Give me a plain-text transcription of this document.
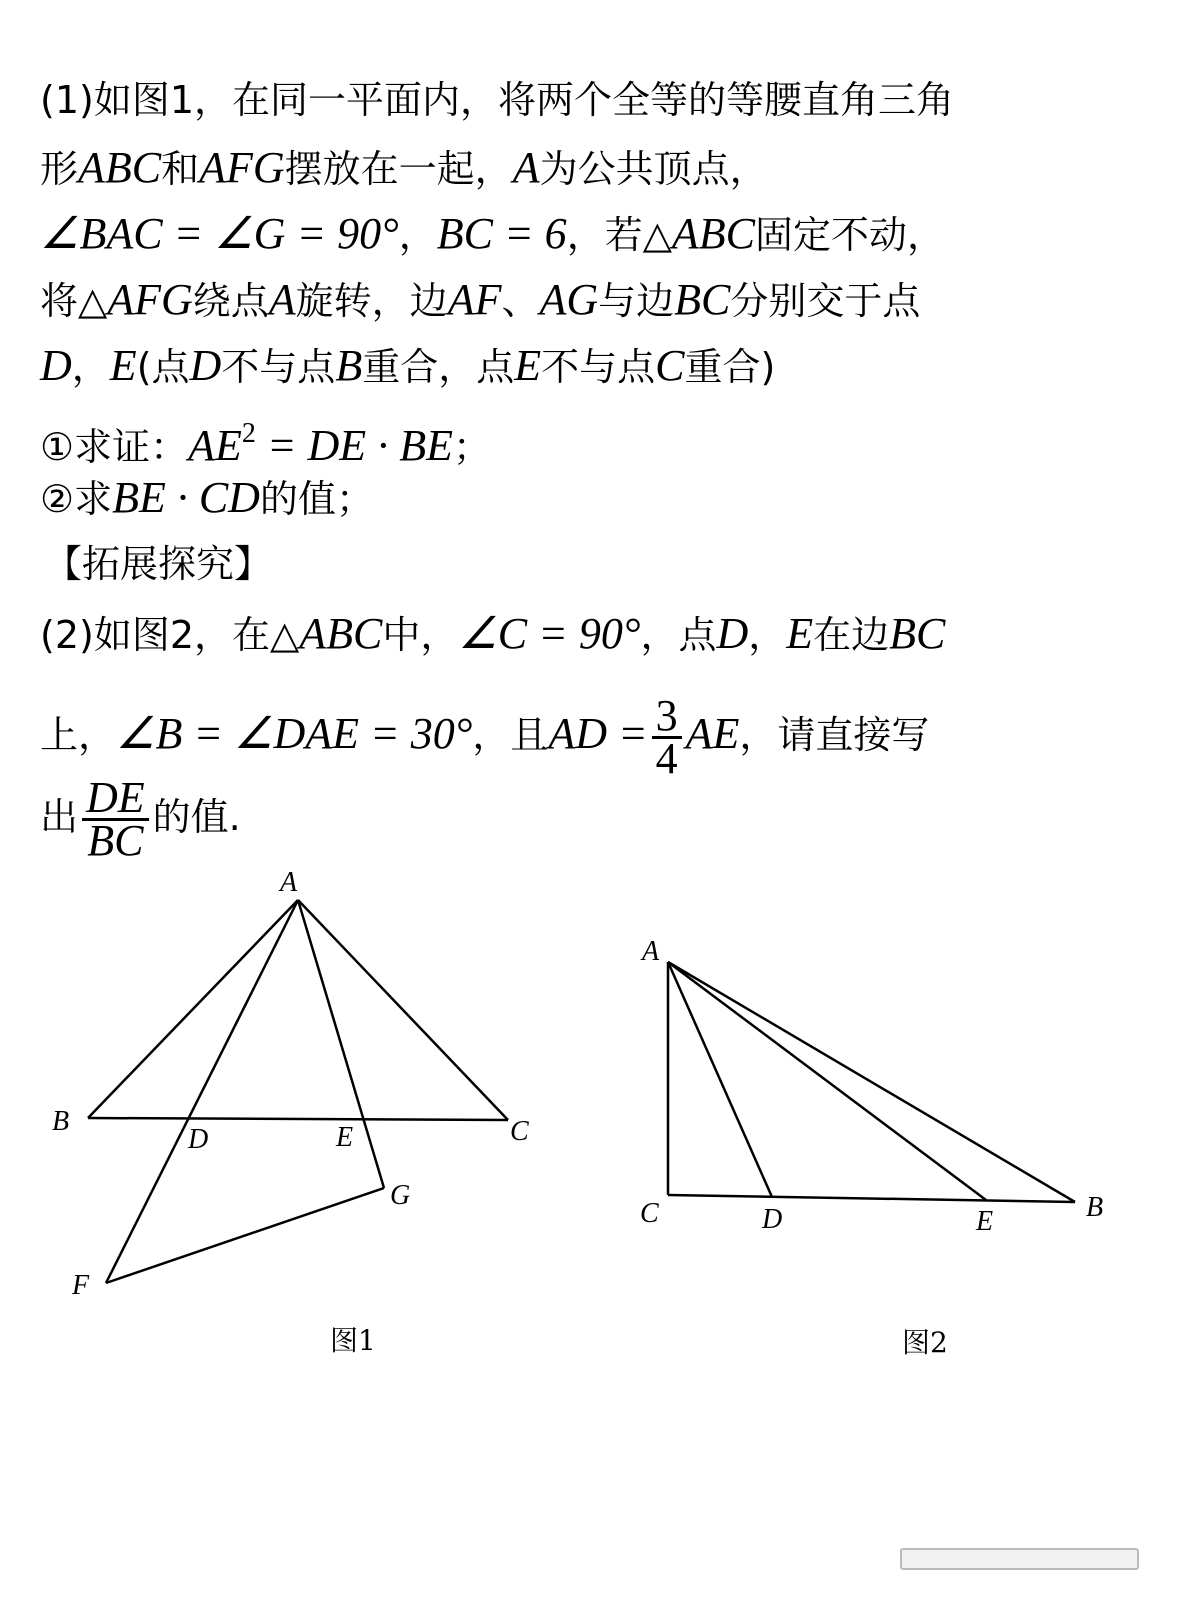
(1)如图1，在同一平面内，将两个全等的等腰直角三角
形ABC和AFG摆放在一起，A为公共顶点，
∠BAC = ∠G = 90°，BC = 6，若△ABC固定不动，
将△AFG绕点A旋转，边AF、AG与边BC分别交于点
D，E(点D不与点B重合，点E不与点C重合)
①求证：$AE^2$ = DE · BE；
②求BE · CD的值；
【拓展探究】
(2)如图2，在△ABC中，∠C = 90°，点D，E在边BC
上，∠B = ∠DAE = 30°，且AD = $\frac{3}{4}$ AE，请直接写
出 $\frac{DE}{BC}$ 的值.
A
B	C
D	E
F
G
图1
A
C	D	E	B
图2
